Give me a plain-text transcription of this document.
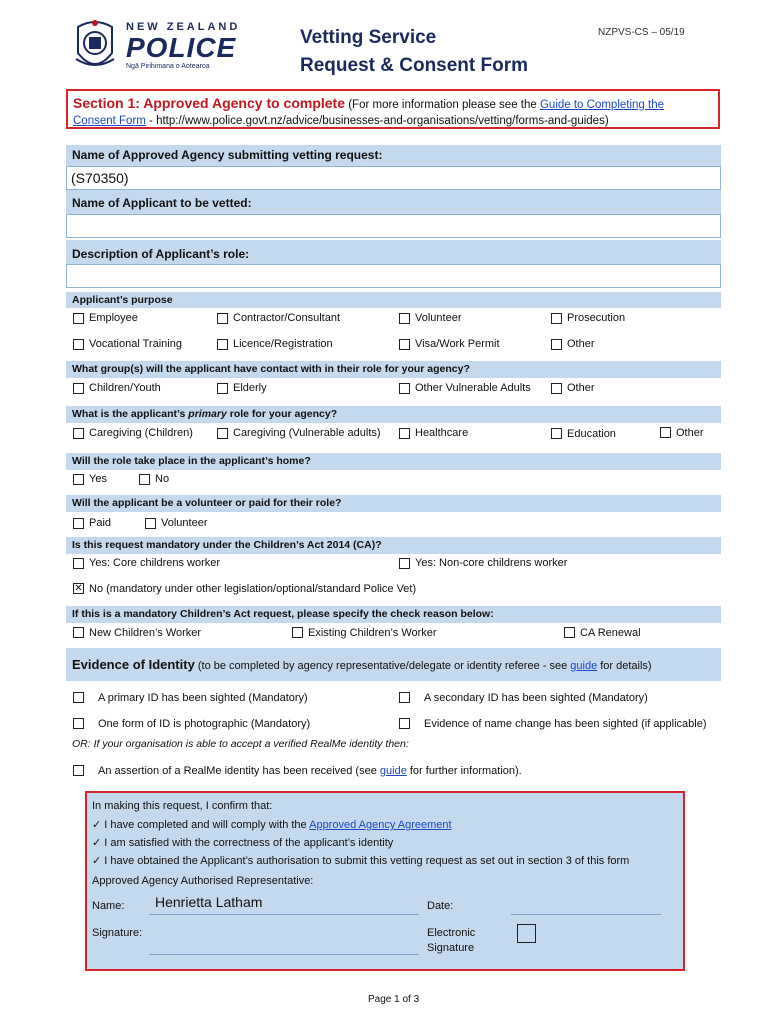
NEW ZEALAND
POLICE
Ngā Pirihimana o Aotearoa
Vetting Service
Request & Consent Form
NZPVS-CS – 05/19
Section 1: Approved Agency to complete (For more information please see the Guide to Completing the
Consent Form - http://www.police.govt.nz/advice/businesses-and-organisations/vetting/forms-and-guides)
Name of Approved Agency submitting vetting request:
(S70350)
Name of Applicant to be vetted:
Description of Applicant’s role:
Applicant’s purpose
Employee	Contractor/Consultant	Volunteer	Prosecution
Vocational Training	Licence/Registration	Visa/Work Permit	Other
What group(s) will the applicant have contact with in their role for your agency?
Children/Youth	Elderly	Other Vulnerable Adults	Other
What is the applicant’s primary role for your agency?
Caregiving (Children)	Caregiving (Vulnerable adults)	Healthcare	Education	Other
Will the role take place in the applicant’s home?
Yes	No
Will the applicant be a volunteer or paid for their role?
Paid	Volunteer
Is this request mandatory under the Children’s Act 2014 (CA)?
Yes: Core childrens worker	Yes: Non-core childrens worker
✕ No (mandatory under other legislation/optional/standard Police Vet)
If this is a mandatory Children’s Act request, please specify the check reason below:
New Children’s Worker	Existing Children’s Worker	CA Renewal
Evidence of Identity (to be completed by agency representative/delegate or identity referee - see guide for details)
A primary ID has been sighted (Mandatory)	A secondary ID has been sighted (Mandatory)
One form of ID is photographic (Mandatory)	Evidence of name change has been sighted (if applicable)
OR: If your organisation is able to accept a verified RealMe identity then:
An assertion of a RealMe identity has been received (see guide for further information).
In making this request, I confirm that:
✓ I have completed and will comply with the Approved Agency Agreement
✓ I am satisfied with the correctness of the applicant’s identity
✓ I have obtained the Applicant’s authorisation to submit this vetting request as set out in section 3 of this form
Approved Agency Authorised Representative:
Name: Henrietta Latham	Date:
Signature:	Electronic
Signature
Page 1 of 3
